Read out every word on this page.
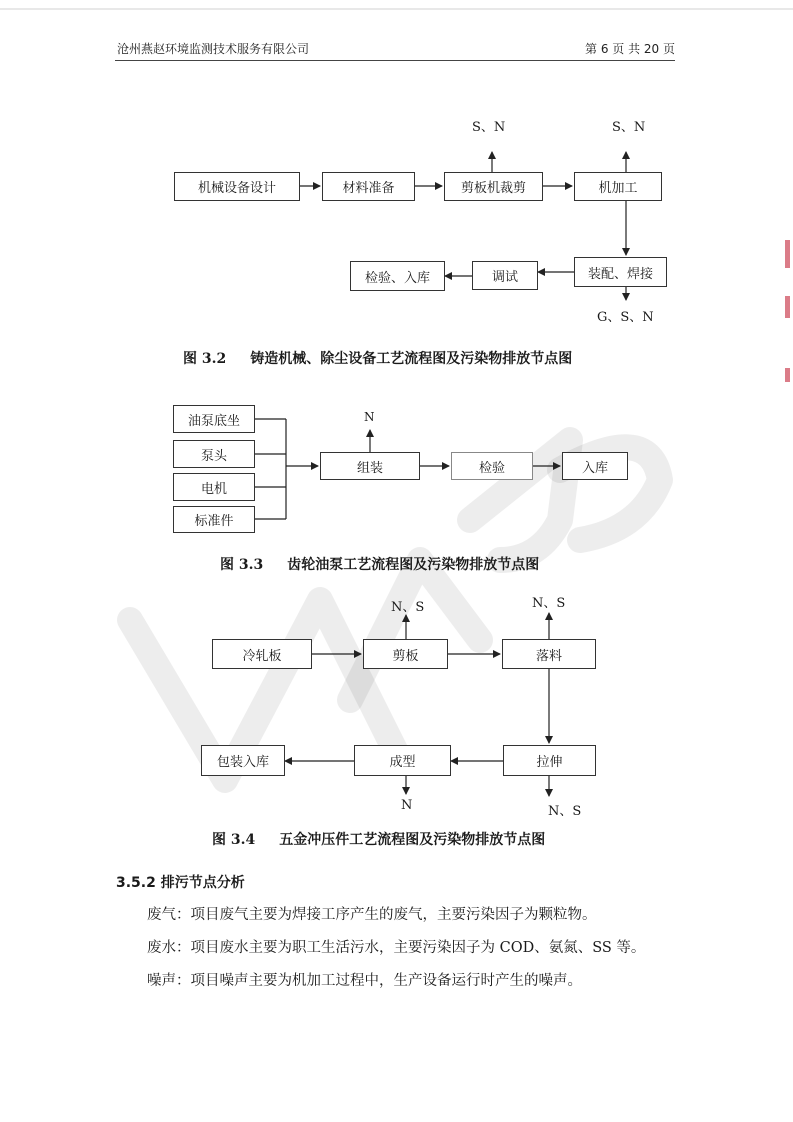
沧州燕赵环境监测技术服务有限公司	第 6 页 共 20 页
机械设备设计	材料准备	剪板机裁剪	机加工
装配、焊接
调试
检验、入库
S、N	S、N
G、S、N
图 3.2 铸造机械、除尘设备工艺流程图及污染物排放节点图
油泵底坐
泵头
电机
标准件
组装	检验	入库
N
图 3.3 齿轮油泵工艺流程图及污染物排放节点图
冷轧板	剪板	落料
拉伸
成型
包装入库
N、S	N、S
N、S
N
图 3.4 五金冲压件工艺流程图及污染物排放节点图
3.5.2 排污节点分析
废气：项目废气主要为焊接工序产生的废气，主要污染因子为颗粒物。
废水：项目废水主要为职工生活污水，主要污染因子为 COD、氨氮、SS 等。
噪声：项目噪声主要为机加工过程中，生产设备运行时产生的噪声。
